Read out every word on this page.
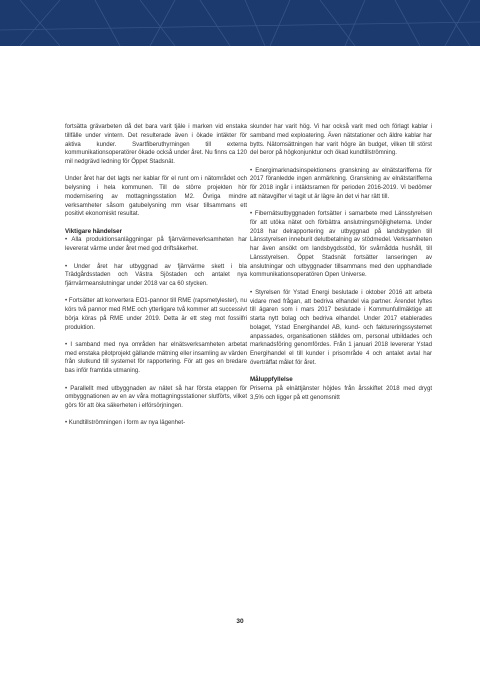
fortsätta grävarbeten då det bara varit tjäle i marken vid enstaka tillfälle under vintern. Det resulterade även i ökade intäkter för aktiva kunder. Svartfiberuthyrningen till externa kommunikationsoperatörer ökade också under året. Nu finns ca 120 mil nedgrävd ledning för Öppet Stadsnät.

Under året har det lagts ner kablar för el runt om i nätområdet och belysning i hela kommunen. Till de större projekten hör modernisering av mottagningsstation M2. Övriga mindre verksamheter såsom gatubelysning mm visar tillsammans ett positivt ekonomiskt resultat.

Viktigare händelser

• Alla produktionsanläggningar på fjärrvärmeverksamheten har levererat värme under året med god driftsäkerhet.

• Under året har utbyggnad av fjärrvärme skett i bla Trädgårdsstaden och Västra Sjöstaden och antalet nya fjärrvärmeanslutningar under 2018 var ca 60 stycken.

• Fortsätter att konvertera EO1-pannor till RME (rapsmetylester), nu körs två pannor med RME och ytterligare två kommer att successivt börja köras på RME under 2019. Detta är ett steg mot fossilfri produktion.

• I samband med nya områden har elnätsverksamheten arbetat med enstaka pilotprojekt gällande mätning eller insamling av värden från slutkund till systemet för rapportering. För att ges en bredare bas inför framtida utmaning.

• Parallellt med utbyggnaden av nätet så har första etappen för ombyggnationen av en av våra mottagningsstationer slutförts, vilket görs för att öka säkerheten i elförsörjningen.

• Kundtillströmningen i form av nya lägenhet-

skunder har varit hög. Vi har också varit med och förlagt kablar i samband med exploatering. Även nätstationer och äldre kablar har bytts. Nätomsättningen har varit högre än budget, vilken till störst del beror på högkonjunktur och ökad kundtillströmning.

• Energimarknadsinspektionens granskning av elnätstarifferna för 2017 föranledde ingen anmärkning. Granskning av elnätstarifferna för 2018 ingår i intäktsramen för perioden 2016-2019. Vi bedömer att nätavgifter vi tagit ut är lägre än det vi har rätt till.

• Fibernätsutbyggnaden fortsätter i samarbete med Länsstyrelsen för att utöka nätet och förbättra anslutningsmöjligheterna. Under 2018 har delrapportering av utbyggnad på landsbygden till Länsstyrelsen inneburit delutbetalning av stödmedel. Verksamheten har även ansökt om landsbygdsstöd, för svårnådda hushåll, till Länsstyrelsen. Öppet Stadsnät fortsätter lanseringen av anslutningar och utbyggnader tillsammans med den upphandlade kommunikationsoperatören Open Universe.

• Styrelsen för Ystad Energi beslutade i oktober 2016 att arbeta vidare med frågan, att bedriva elhandel via partner. Ärendet lyftes till ägaren som i mars 2017 beslutade i Kommunfullmäktige att starta nytt bolag och bedriva elhandel. Under 2017 etablerades bolaget, Ystad Energihandel AB, kund- och faktureringssystemet anpassades, organisationen ställdes om, personal utbildades och marknadsföring genomfördes. Från 1 januari 2018 levererar Ystad Energihandel el till kunder i prisområde 4 och antalet avtal har överträffat målet för året.

Måluppfyllelse

Priserna på elnättjänster höjdes från årsskiftet 2018 med drygt 3,5% och ligger på ett genomsnitt

30
